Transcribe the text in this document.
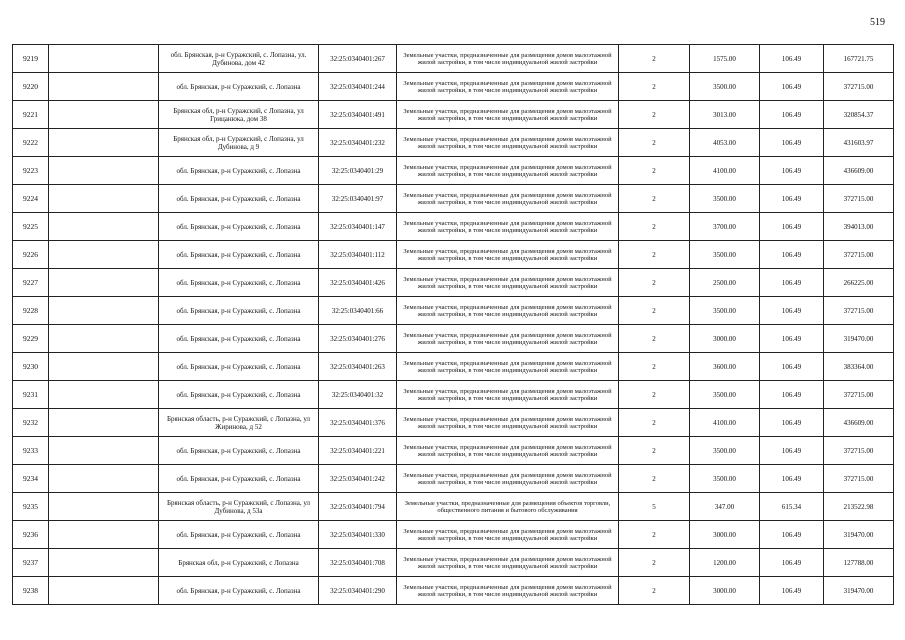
519
9219		обл. Брянская, р-н Суражский, с. Лопазна, ул. Дубинова, дом 42	32:25:0340401:267	Земельные участки, предназначенные для размещения домов малоэтажной жилой застройки, в том числе индивидуальной жилой застройки	2	1575.00	106.49	167721.75
9220		обл. Брянская, р-н Суражский, с. Лопазна	32:25:0340401:244	Земельные участки, предназначенные для размещения домов малоэтажной жилой застройки, в том числе индивидуальной жилой застройки	2	3500.00	106.49	372715.00
9221		Брянская обл, р-н Суражский, с Лопазна, ул Грицанюка, дом 38	32:25:0340401:491	Земельные участки, предназначенные для размещения домов малоэтажной жилой застройки, в том числе индивидуальной жилой застройки	2	3013.00	106.49	320854.37
9222		Брянская обл, р-н Суражский, с Лопазна, ул Дубинова, д 9	32:25:0340401:232	Земельные участки, предназначенные для размещения домов малоэтажной жилой застройки, в том числе индивидуальной жилой застройки	2	4053.00	106.49	431603.97
9223		обл. Брянская, р-н Суражский, с. Лопазна	32:25:0340401:29	Земельные участки, предназначенные для размещения домов малоэтажной жилой застройки, в том числе индивидуальной жилой застройки	2	4100.00	106.49	436609.00
9224		обл. Брянская, р-н Суражский, с. Лопазна	32:25:0340401:97	Земельные участки, предназначенные для размещения домов малоэтажной жилой застройки, в том числе индивидуальной жилой застройки	2	3500.00	106.49	372715.00
9225		обл. Брянская, р-н Суражский, с. Лопазна	32:25:0340401:147	Земельные участки, предназначенные для размещения домов малоэтажной жилой застройки, в том числе индивидуальной жилой застройки	2	3700.00	106.49	394013.00
9226		обл. Брянская, р-н Суражский, с. Лопазна	32:25:0340401:112	Земельные участки, предназначенные для размещения домов малоэтажной жилой застройки, в том числе индивидуальной жилой застройки	2	3500.00	106.49	372715.00
9227		обл. Брянская, р-н Суражский, с. Лопазна	32:25:0340401:426	Земельные участки, предназначенные для размещения домов малоэтажной жилой застройки, в том числе индивидуальной жилой застройки	2	2500.00	106.49	266225.00
9228		обл. Брянская, р-н Суражский, с. Лопазна	32:25:0340401:66	Земельные участки, предназначенные для размещения домов малоэтажной жилой застройки, в том числе индивидуальной жилой застройки	2	3500.00	106.49	372715.00
9229		обл. Брянская, р-н Суражский, с. Лопазна	32:25:0340401:276	Земельные участки, предназначенные для размещения домов малоэтажной жилой застройки, в том числе индивидуальной жилой застройки	2	3000.00	106.49	319470.00
9230		обл. Брянская, р-н Суражский, с. Лопазна	32:25:0340401:263	Земельные участки, предназначенные для размещения домов малоэтажной жилой застройки, в том числе индивидуальной жилой застройки	2	3600.00	106.49	383364.00
9231		обл. Брянская, р-н Суражский, с. Лопазна	32:25:0340401:32	Земельные участки, предназначенные для размещения домов малоэтажной жилой застройки, в том числе индивидуальной жилой застройки	2	3500.00	106.49	372715.00
9232		Брянская область, р-н Суражский, с Лопазна, ул Жиринова, д 52	32:25:0340401:376	Земельные участки, предназначенные для размещения домов малоэтажной жилой застройки, в том числе индивидуальной жилой застройки	2	4100.00	106.49	436609.00
9233		обл. Брянская, р-н Суражский, с. Лопазна	32:25:0340401:221	Земельные участки, предназначенные для размещения домов малоэтажной жилой застройки, в том числе индивидуальной жилой застройки	2	3500.00	106.49	372715.00
9234		обл. Брянская, р-н Суражский, с. Лопазна	32:25:0340401:242	Земельные участки, предназначенные для размещения домов малоэтажной жилой застройки, в том числе индивидуальной жилой застройки	2	3500.00	106.49	372715.00
9235		Брянская область, р-н Суражский, с Лопазна, ул Дубинова, д 53а	32:25:0340401:794	Земельные участки, предназначенные для размещения объектов торговли, общественного питания и бытового обслуживания	5	347.00	615.34	213522.98
9236		обл. Брянская, р-н Суражский, с. Лопазна	32:25:0340401:330	Земельные участки, предназначенные для размещения домов малоэтажной жилой застройки, в том числе индивидуальной жилой застройки	2	3000.00	106.49	319470.00
9237		Брянская обл, р-н Суражский, с Лопазна	32:25:0340401:708	Земельные участки, предназначенные для размещения домов малоэтажной жилой застройки, в том числе индивидуальной жилой застройки	2	1200.00	106.49	127788.00
9238		обл. Брянская, р-н Суражский, с. Лопазна	32:25:0340401:290	Земельные участки, предназначенные для размещения домов малоэтажной жилой застройки, в том числе индивидуальной жилой застройки	2	3000.00	106.49	319470.00
